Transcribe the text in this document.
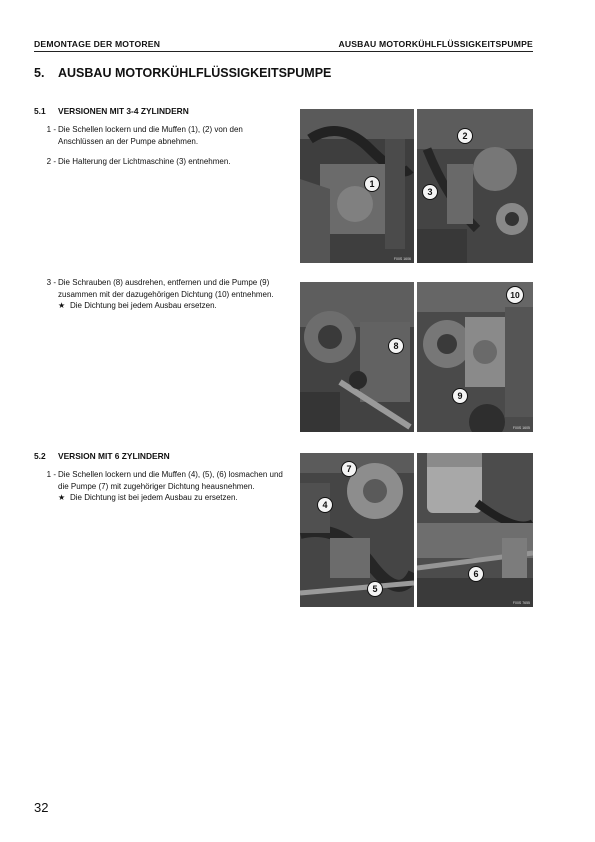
DEMONTAGE DER MOTOREN	AUSBAU MOTORKÜHLFLÜSSIGKEITSPUMPE
5. AUSBAU MOTORKÜHLFLÜSSIGKEITSPUMPE
5.1 VERSIONEN MIT 3-4 ZYLINDERN
1 - Die Schellen lockern und die Muffen (1), (2) von den Anschlüssen an der Pumpe abnehmen.
2 - Die Halterung der Lichtmaschine (3) entnehmen.
3 - Die Schrauben (8) ausdrehen, entfernen und die Pumpe (9) zusammen mit der dazugehörigen Dichtung (10) entnehmen.
★ Die Dichtung bei jedem Ausbau ersetzen.
5.2 VERSION MIT 6 ZYLINDERN
1 - Die Schellen lockern und die Muffen (4), (5), (6) losmachen und die Pumpe (7) mit zugehöriger Dichtung heausnehmen.
★ Die Dichtung ist bei jedem Ausbau zu ersetzen.
1
F00S 1606
2
3
8
10
9
F00S 1605
7
4
5
6
F00S 7655
32
